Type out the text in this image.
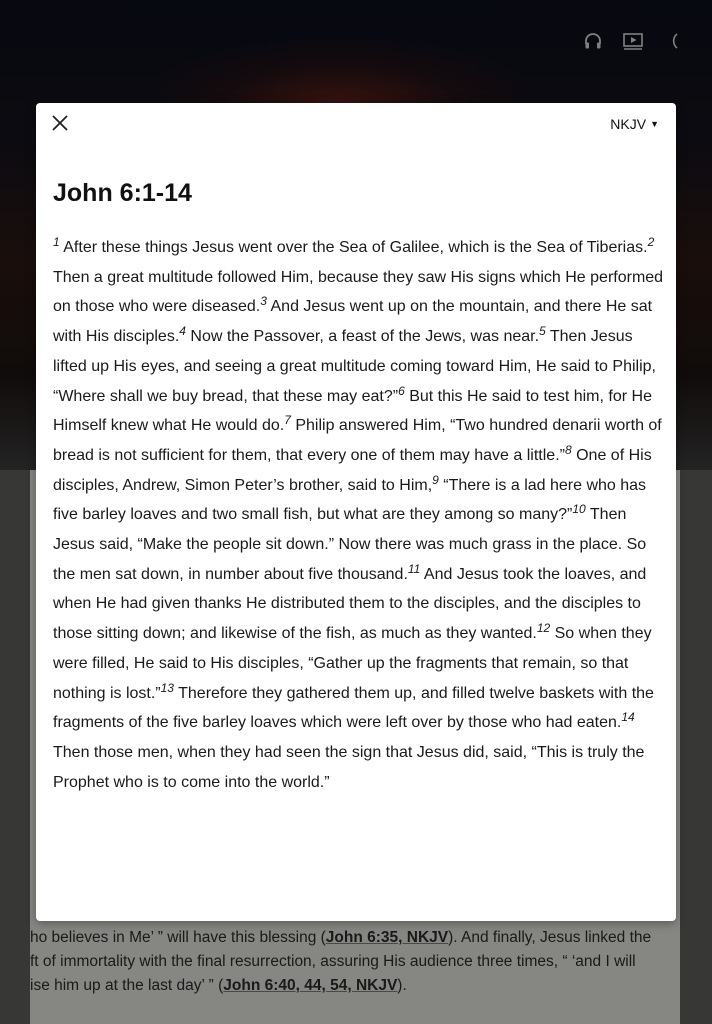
ho believes in Me’ ” will have this blessing (John 6:35, NKJV). And finally, Jesus linked the

ft of immortality with the final resurrection, assuring His audience three times, “ ‘and I will

ise him up at the last day’ ” (John 6:40, 44, 54, NKJV).

NKJV ▼
John 6:1-14

$^1$ After these things Jesus went over the Sea of Galilee, which is the Sea of Tiberias.$^2$ Then a great multitude followed Him, because they saw His signs which He performed on those who were diseased.$^3$ And Jesus went up on the mountain, and there He sat with His disciples.$^4$ Now the Passover, a feast of the Jews, was near.$^5$ Then Jesus lifted up His eyes, and seeing a great multitude coming toward Him, He said to Philip, “Where shall we buy bread, that these may eat?”$^6$ But this He said to test him, for He Himself knew what He would do.$^7$ Philip answered Him, “Two hundred denarii worth of bread is not sufficient for them, that every one of them may have a little.”$^8$ One of His disciples, Andrew, Simon Peter’s brother, said to Him,$^9$ “There is a lad here who has five barley loaves and two small fish, but what are they among so many?”$^{10}$ Then Jesus said, “Make the people sit down.” Now there was much grass in the place. So the men sat down, in number about five thousand.$^{11}$ And Jesus took the loaves, and when He had given thanks He distributed them to the disciples, and the disciples to those sitting down; and likewise of the fish, as much as they wanted.$^{12}$ So when they were filled, He said to His disciples, “Gather up the fragments that remain, so that nothing is lost.”$^{13}$ Therefore they gathered them up, and filled twelve baskets with the fragments of the five barley loaves which were left over by those who had eaten.$^{14}$ Then those men, when they had seen the sign that Jesus did, said, “This is truly the Prophet who is to come into the world.”
